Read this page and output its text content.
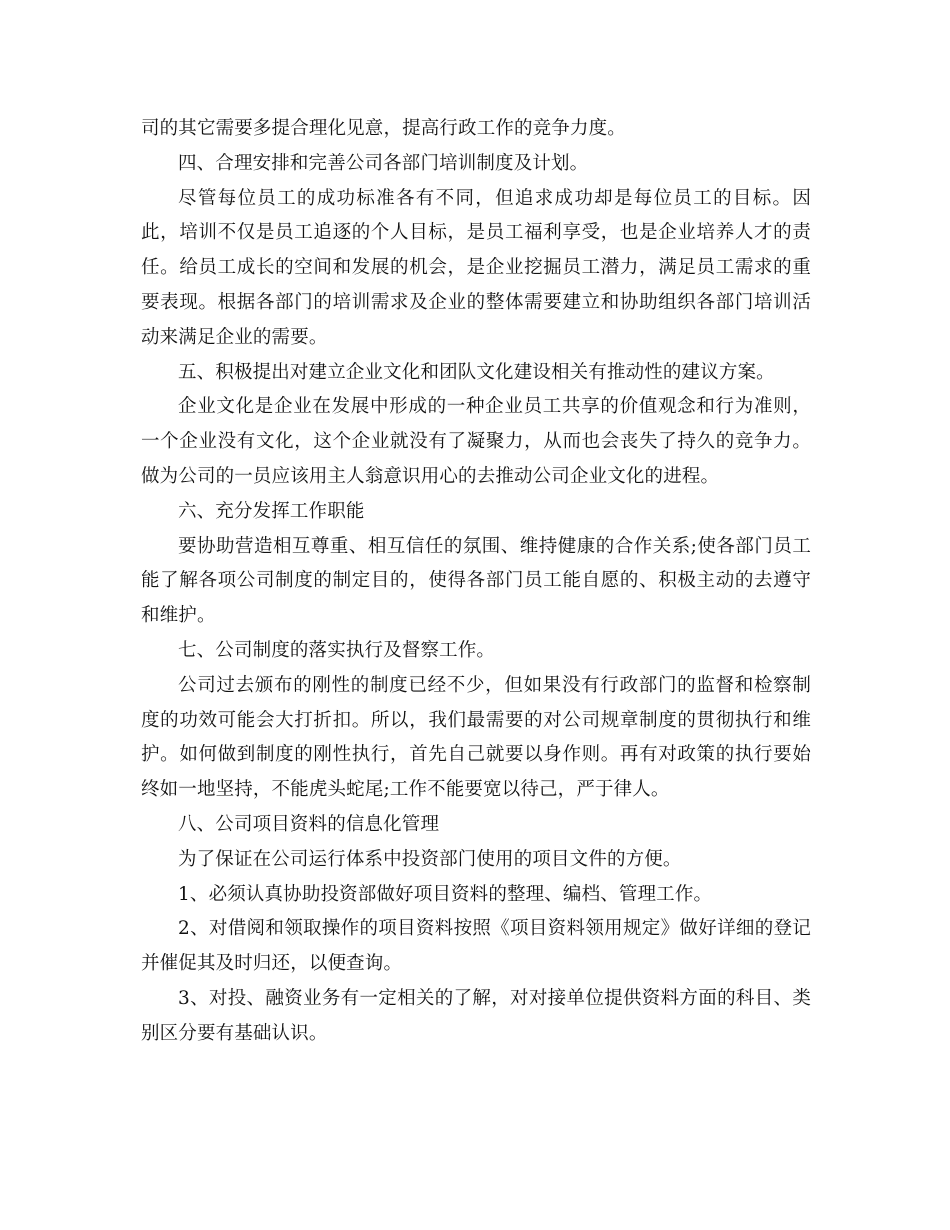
司的其它需要多提合理化见意，提高行政工作的竞争力度。

四、合理安排和完善公司各部门培训制度及计划。

尽管每位员工的成功标准各有不同，但追求成功却是每位员工的目标。因此，培训不仅是员工追逐的个人目标，是员工福利享受，也是企业培养人才的责任。给员工成长的空间和发展的机会，是企业挖掘员工潜力，满足员工需求的重要表现。根据各部门的培训需求及企业的整体需要建立和协助组织各部门培训活动来满足企业的需要。

五、积极提出对建立企业文化和团队文化建设相关有推动性的建议方案。

企业文化是企业在发展中形成的一种企业员工共享的价值观念和行为准则，一个企业没有文化，这个企业就没有了凝聚力，从而也会丧失了持久的竞争力。做为公司的一员应该用主人翁意识用心的去推动公司企业文化的进程。

六、充分发挥工作职能

要协助营造相互尊重、相互信任的氛围、维持健康的合作关系;使各部门员工能了解各项公司制度的制定目的，使得各部门员工能自愿的、积极主动的去遵守和维护。

七、公司制度的落实执行及督察工作。

公司过去颁布的刚性的制度已经不少，但如果没有行政部门的监督和检察制度的功效可能会大打折扣。所以，我们最需要的对公司规章制度的贯彻执行和维护。如何做到制度的刚性执行，首先自己就要以身作则。再有对政策的执行要始终如一地坚持，不能虎头蛇尾;工作不能要宽以待己，严于律人。

八、公司项目资料的信息化管理

为了保证在公司运行体系中投资部门使用的项目文件的方便。

1、必须认真协助投资部做好项目资料的整理、编档、管理工作。

2、对借阅和领取操作的项目资料按照《项目资料领用规定》做好详细的登记并催促其及时归还，以便查询。

3、对投、融资业务有一定相关的了解，对对接单位提供资料方面的科目、类别区分要有基础认识。
